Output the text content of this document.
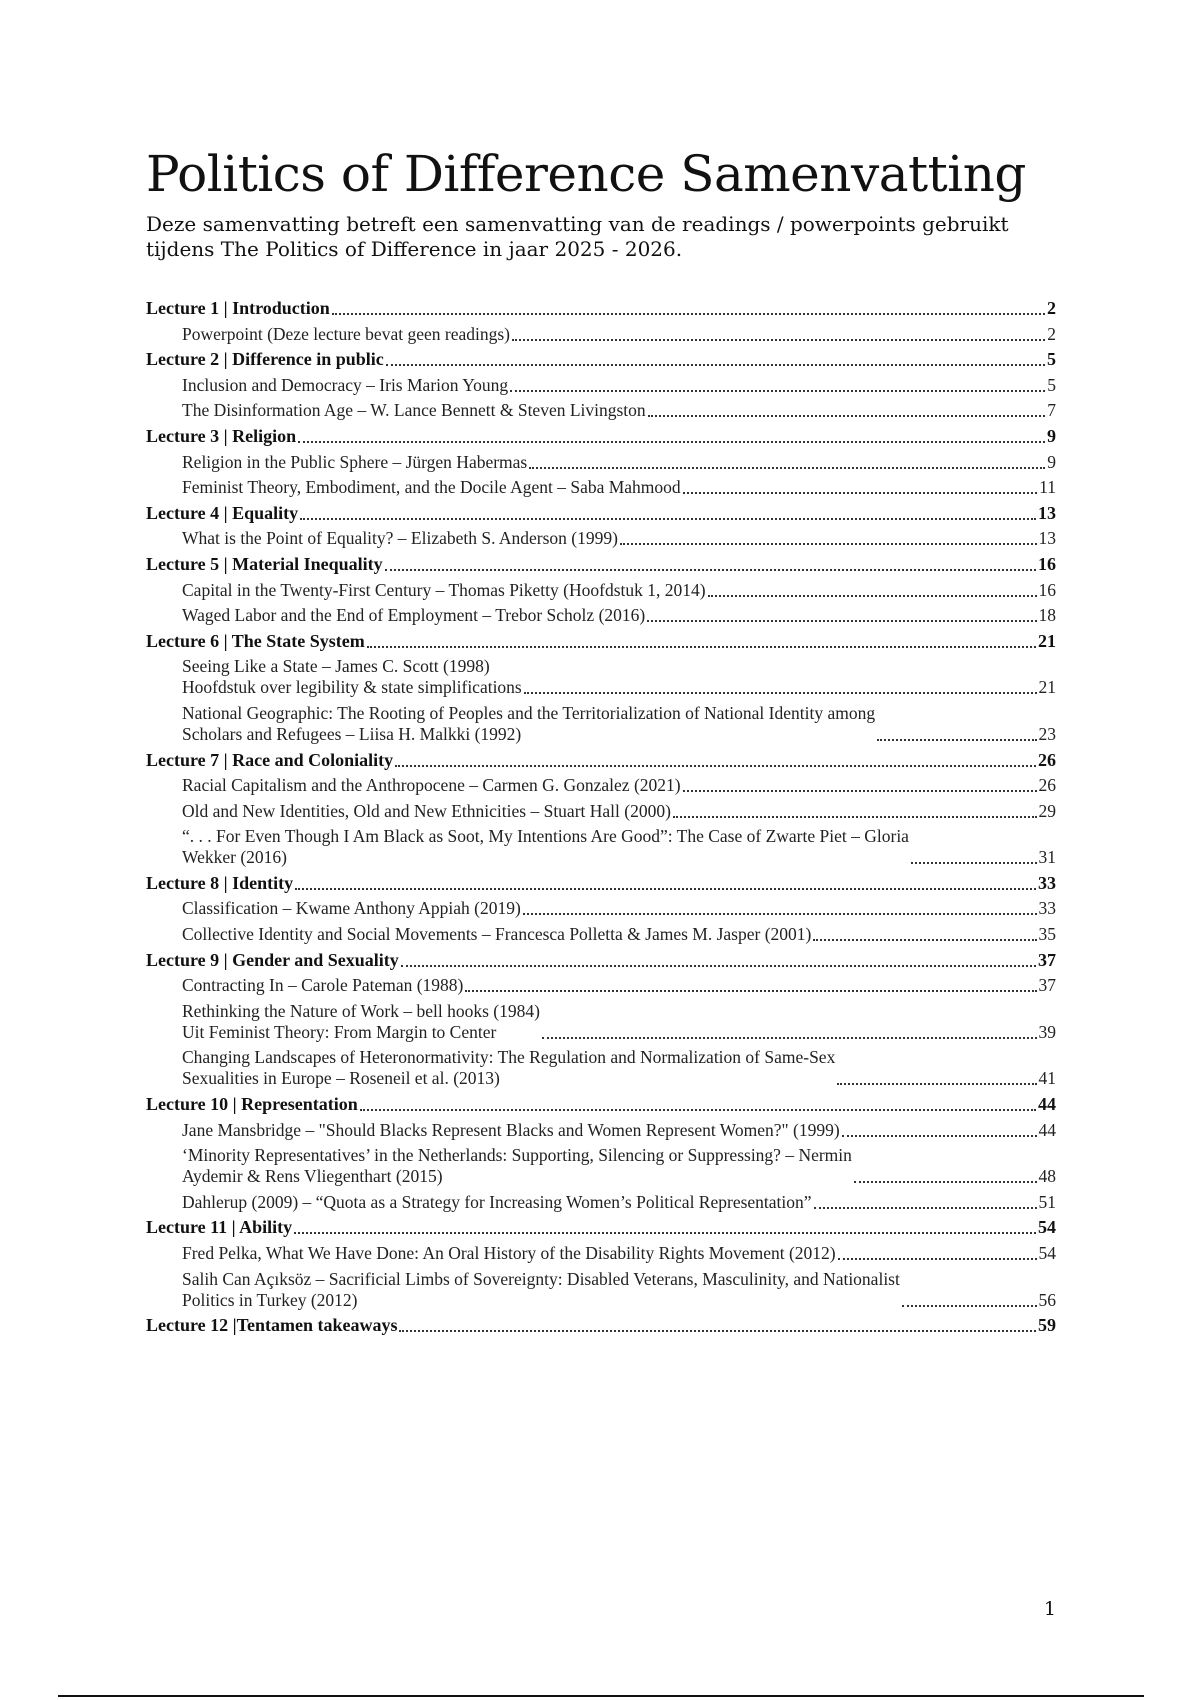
Politics of Difference Samenvatting

Deze samenvatting betreft een samenvatting van de readings / powerpoints gebruikt tijdens The Politics of Difference in jaar 2025 - 2026.

Lecture 1 | Introduction	2
Powerpoint (Deze lecture bevat geen readings)	2
Lecture 2 | Difference in public	5
Inclusion and Democracy – Iris Marion Young	5
The Disinformation Age – W. Lance Bennett & Steven Livingston	7
Lecture 3 | Religion	9
Religion in the Public Sphere – Jürgen Habermas	9
Feminist Theory, Embodiment, and the Docile Agent – Saba Mahmood	11
Lecture 4 | Equality	13
What is the Point of Equality? – Elizabeth S. Anderson (1999)	13
Lecture 5 | Material Inequality	16
Capital in the Twenty-First Century – Thomas Piketty (Hoofdstuk 1, 2014)	16
Waged Labor and the End of Employment – Trebor Scholz (2016)	18
Lecture 6 | The State System	21
Seeing Like a State – James C. Scott (1998)
Hoofdstuk over legibility & state simplifications	21
National Geographic: The Rooting of Peoples and the Territorialization of National Identity among
Scholars and Refugees – Liisa H. Malkki (1992)	23
Lecture 7 | Race and Coloniality	26
Racial Capitalism and the Anthropocene – Carmen G. Gonzalez (2021)	26
Old and New Identities, Old and New Ethnicities – Stuart Hall (2000)	29
“. . . For Even Though I Am Black as Soot, My Intentions Are Good”: The Case of Zwarte Piet – Gloria
Wekker (2016)	31
Lecture 8 | Identity	33
Classification – Kwame Anthony Appiah (2019)	33
Collective Identity and Social Movements – Francesca Polletta & James M. Jasper (2001)	35
Lecture 9 | Gender and Sexuality	37
Contracting In – Carole Pateman (1988)	37
Rethinking the Nature of Work – bell hooks (1984)
Uit Feminist Theory: From Margin to Center	39
Changing Landscapes of Heteronormativity: The Regulation and Normalization of Same-Sex
Sexualities in Europe – Roseneil et al. (2013)	41
Lecture 10 | Representation	44
Jane Mansbridge – "Should Blacks Represent Blacks and Women Represent Women?" (1999)	44
‘Minority Representatives’ in the Netherlands: Supporting, Silencing or Suppressing? – Nermin
Aydemir & Rens Vliegenthart (2015)	48
Dahlerup (2009) – “Quota as a Strategy for Increasing Women’s Political Representation”	51
Lecture 11 | Ability	54
Fred Pelka, What We Have Done: An Oral History of the Disability Rights Movement (2012)	54
Salih Can Açıksöz – Sacrificial Limbs of Sovereignty: Disabled Veterans, Masculinity, and Nationalist
Politics in Turkey (2012)	56
Lecture 12 |Tentamen takeaways	59
1
